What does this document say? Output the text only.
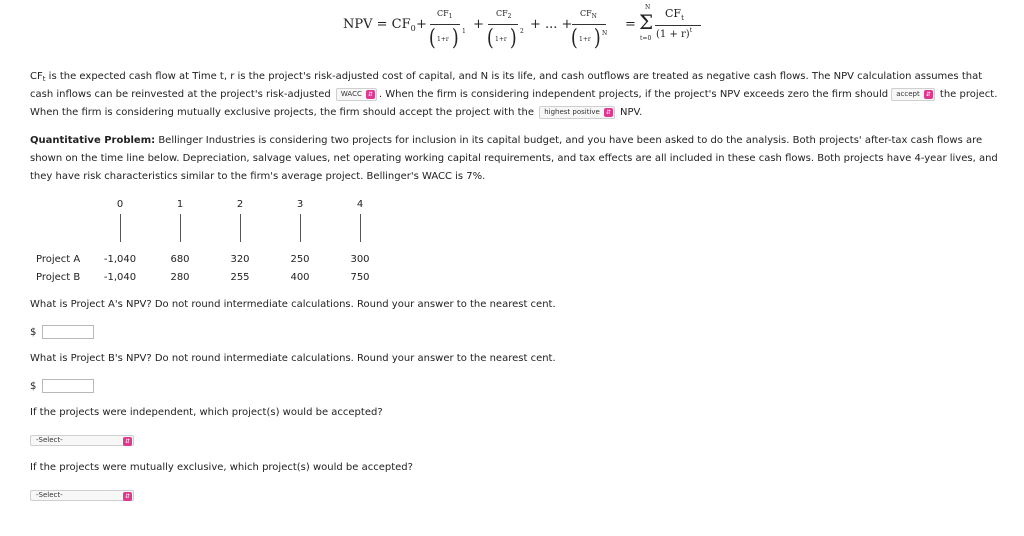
NPV = $CF_0$ +
$CF_1$
( 1+r ) 1 +
$CF_2$
( 1+r ) 2 + ... +
$CF_N$
( 1+r ) N
=
N
Σ
t=0
$CF_t$
$(1 + r)^t$
$CF_t$ is the expected cash flow at Time t, r is the project's risk-adjusted cost of capital, and N is its life, and cash outflows are treated as negative cash flows. The NPV calculation assumes that cash inflows can be reinvested at the project's risk-adjusted WACC ⇵ . When the firm is considering independent projects, if the project's NPV exceeds zero the firm should accept ⇵ the project. When the firm is considering mutually exclusive projects, the firm should accept the project with the highest positive ⇵ NPV.
Quantitative Problem: Bellinger Industries is considering two projects for inclusion in its capital budget, and you have been asked to do the analysis. Both projects' after-tax cash flows are shown on the time line below. Depreciation, salvage values, net operating working capital requirements, and tax effects are all included in these cash flows. Both projects have 4-year lives, and they have risk characteristics similar to the firm's average project. Bellinger's WACC is 7%.
0	1	2	3	4
Project A	-1,040	680	320	250	300
Project B	-1,040	280	255	400	750
What is Project A's NPV? Do not round intermediate calculations. Round your answer to the nearest cent.
$
What is Project B's NPV? Do not round intermediate calculations. Round your answer to the nearest cent.
$
If the projects were independent, which project(s) would be accepted?
-Select-	⇵
If the projects were mutually exclusive, which project(s) would be accepted?
-Select-	⇵
